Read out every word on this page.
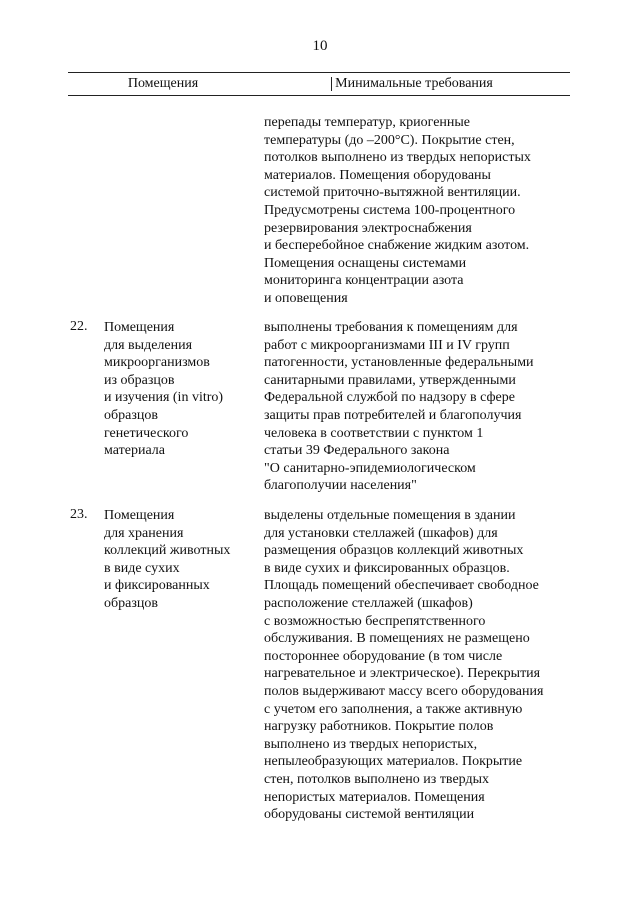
10
Помещения	Минимальные требования
перепады температур, криогенные
температуры (до –200°С). Покрытие стен,
потолков выполнено из твердых непористых
материалов. Помещения оборудованы
системой приточно-вытяжной вентиляции.
Предусмотрены система 100-процентного
резервирования электроснабжения
и бесперебойное снабжение жидким азотом.
Помещения оснащены системами
мониторинга концентрации азота
и оповещения
22. Помещения
для выделения
микроорганизмов
из образцов
и изучения (in vitro)
образцов
генетического
материала
выполнены требования к помещениям для
работ с микроорганизмами III и IV групп
патогенности, установленные федеральными
санитарными правилами, утвержденными
Федеральной службой по надзору в сфере
защиты прав потребителей и благополучия
человека в соответствии с пунктом 1
статьи 39 Федерального закона
"О санитарно-эпидемиологическом
благополучии населения"
23. Помещения
для хранения
коллекций животных
в виде сухих
и фиксированных
образцов
выделены отдельные помещения в здании
для установки стеллажей (шкафов) для
размещения образцов коллекций животных
в виде сухих и фиксированных образцов.
Площадь помещений обеспечивает свободное
расположение стеллажей (шкафов)
с возможностью беспрепятственного
обслуживания. В помещениях не размещено
постороннее оборудование (в том числе
нагревательное и электрическое). Перекрытия
полов выдерживают массу всего оборудования
с учетом его заполнения, а также активную
нагрузку работников. Покрытие полов
выполнено из твердых непористых,
непылеобразующих материалов. Покрытие
стен, потолков выполнено из твердых
непористых материалов. Помещения
оборудованы системой вентиляции
